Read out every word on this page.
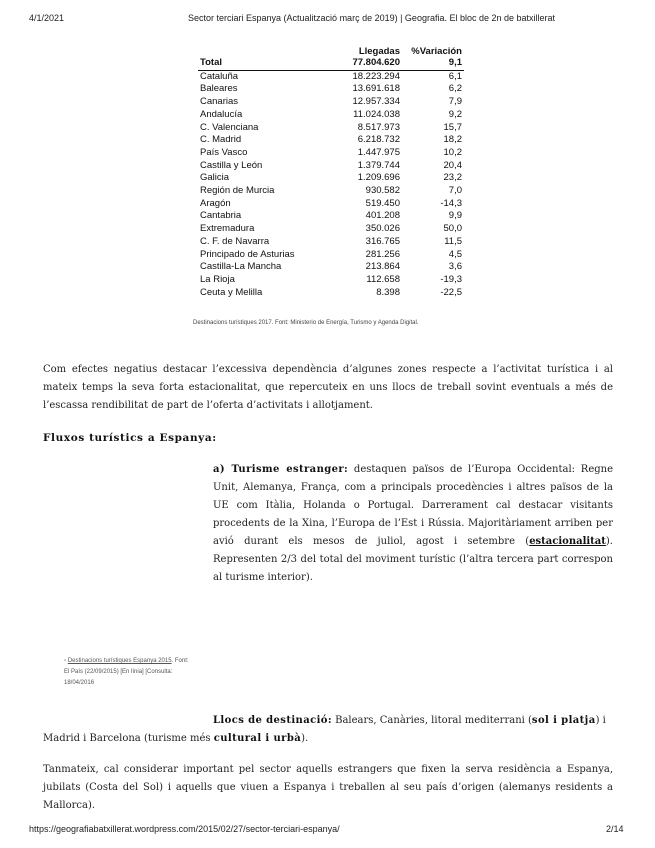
4/1/2021	Sector terciari Espanya (Actualització març de 2019) | Geografia. El bloc de 2n de batxillerat
	Llegadas	%Variación
Total	77.804.620	9,1
Cataluña	18.223.294	6,1
Baleares	13.691.618	6,2
Canarias	12.957.334	7,9
Andalucía	11.024.038	9,2
C. Valenciana	8.517.973	15,7
C. Madrid	6.218.732	18,2
País Vasco	1.447.975	10,2
Castilla y León	1.379.744	20,4
Galicia	1.209.696	23,2
Región de Murcia	930.582	7,0
Aragón	519.450	-14,3
Cantabria	401.208	9,9
Extremadura	350.026	50,0
C. F. de Navarra	316.765	11,5
Principado de Asturias	281.256	4,5
Castilla-La Mancha	213.864	3,6
La Rioja	112.658	-19,3
Ceuta y Melilla	8.398	-22,5
Destinacions turístiques 2017. Font: Ministerio de Energía, Turismo y Agenda Digital.

Com efectes negatius destacar l’excessiva dependència d’algunes zones respecte a l’activitat turística i al mateix temps la seva forta estacionalitat, que repercuteix en uns llocs de treball sovint eventuals a més de l’escassa rendibilitat de part de l’oferta d’activitats i allotjament.

Fluxos turístics a Espanya:

a) Turisme estranger: destaquen països de l’Europa Occidental: Regne Unit, Alemanya, França, com a principals procedències i altres països de la UE com Itàlia, Holanda o Portugal. Darrerament cal destacar visitants procedents de la Xina, l’Europa de l’Est i Rússia. Majoritàriament arriben per avió durant els mesos de juliol, agost i setembre (estacionalitat). Representen 2/3 del total del moviment turístic (l’altra tercera part correspon al turisme interior).

▫ Destinacions turístiques Espanya 2015. Font: El País (22/09/2015) [En línia] [Consulta: 18/04/2016

Llocs de destinació: Balears, Canàries, litoral mediterrani (sol i platja) i Madrid i Barcelona (turisme més cultural i urbà).

Tanmateix, cal considerar important pel sector aquells estrangers que fixen la serva residència a Espanya, jubilats (Costa del Sol) i aquells que viuen a Espanya i treballen al seu país d’origen (alemanys residents a Mallorca).

https://geografiabatxillerat.wordpress.com/2015/02/27/sector-terciari-espanya/	2/14
